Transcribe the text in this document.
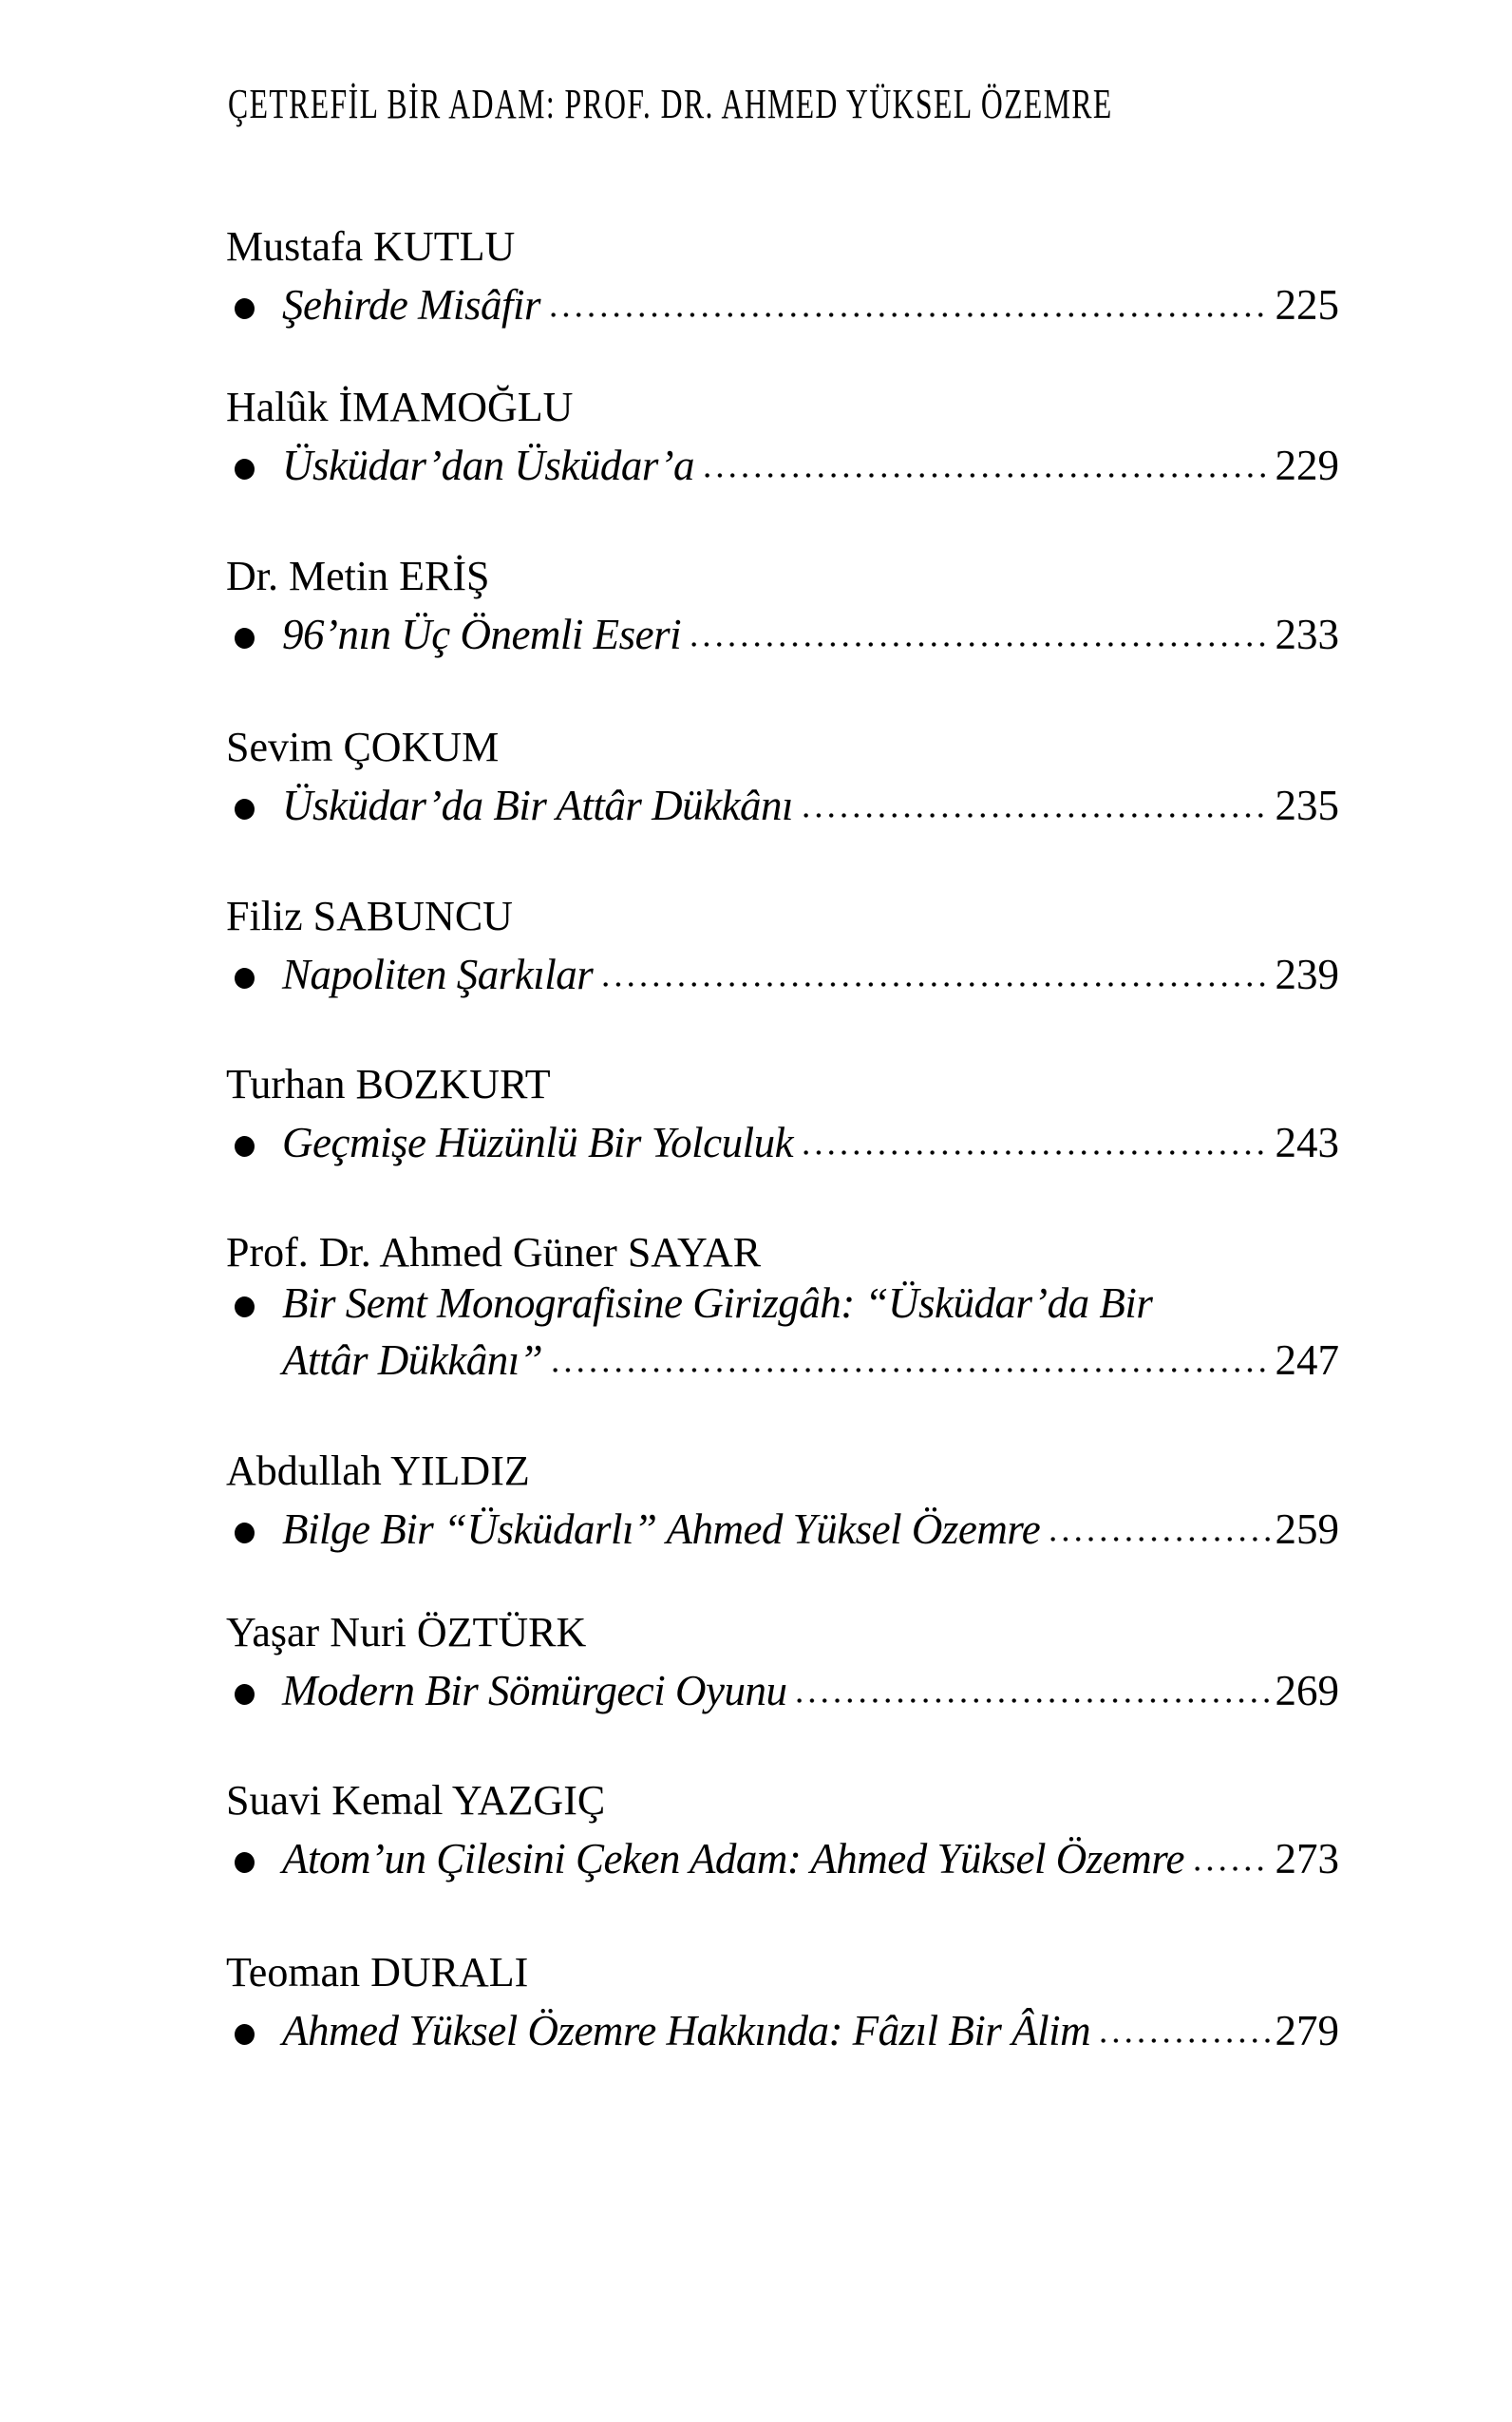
ÇETREFİL BİR ADAM: PROF. DR. AHMED YÜKSEL ÖZEMRE
Mustafa KUTLU
Şehirde Misâfir	225
Halûk İMAMOĞLU
Üsküdar’dan Üsküdar’a	229
Dr. Metin ERİŞ
96’nın Üç Önemli Eseri	233
Sevim ÇOKUM
Üsküdar’da Bir Attâr Dükkânı	235
Filiz SABUNCU
Napoliten Şarkılar	239
Turhan BOZKURT
Geçmişe Hüzünlü Bir Yolculuk	243
Prof. Dr. Ahmed Güner SAYAR
Bir Semt Monografisine Girizgâh: “Üsküdar’da Bir
Attâr Dükkânı”	247
Abdullah YILDIZ
Bilge Bir “Üsküdarlı” Ahmed Yüksel Özemre	259
Yaşar Nuri ÖZTÜRK
Modern Bir Sömürgeci Oyunu	269
Suavi Kemal YAZGIÇ
Atom’un Çilesini Çeken Adam: Ahmed Yüksel Özemre 273
Teoman DURALI
Ahmed Yüksel Özemre Hakkında: Fâzıl Bir Âlim	279
